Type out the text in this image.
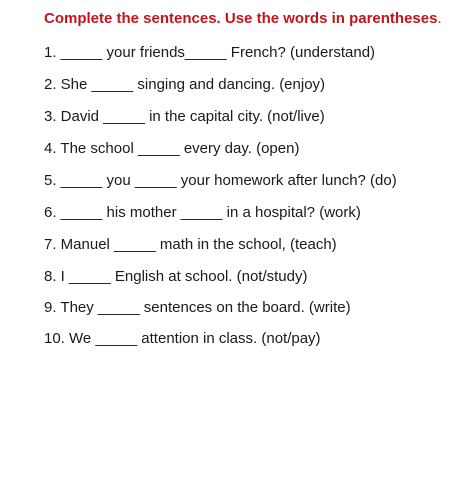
Complete the sentences. Use the words in parentheses.

1. _____ your friends_____ French? (understand)
2. She _____ singing and dancing. (enjoy)
3. David _____ in the capital city. (not/live)
4. The school _____ every day. (open)
5. _____ you _____ your homework after lunch? (do)
6. _____ his mother _____ in a hospital? (work)
7. Manuel _____ math in the school, (teach)
8. I _____ English at school. (not/study)
9. They _____ sentences on the board. (write)
10. We _____ attention in class. (not/pay)
